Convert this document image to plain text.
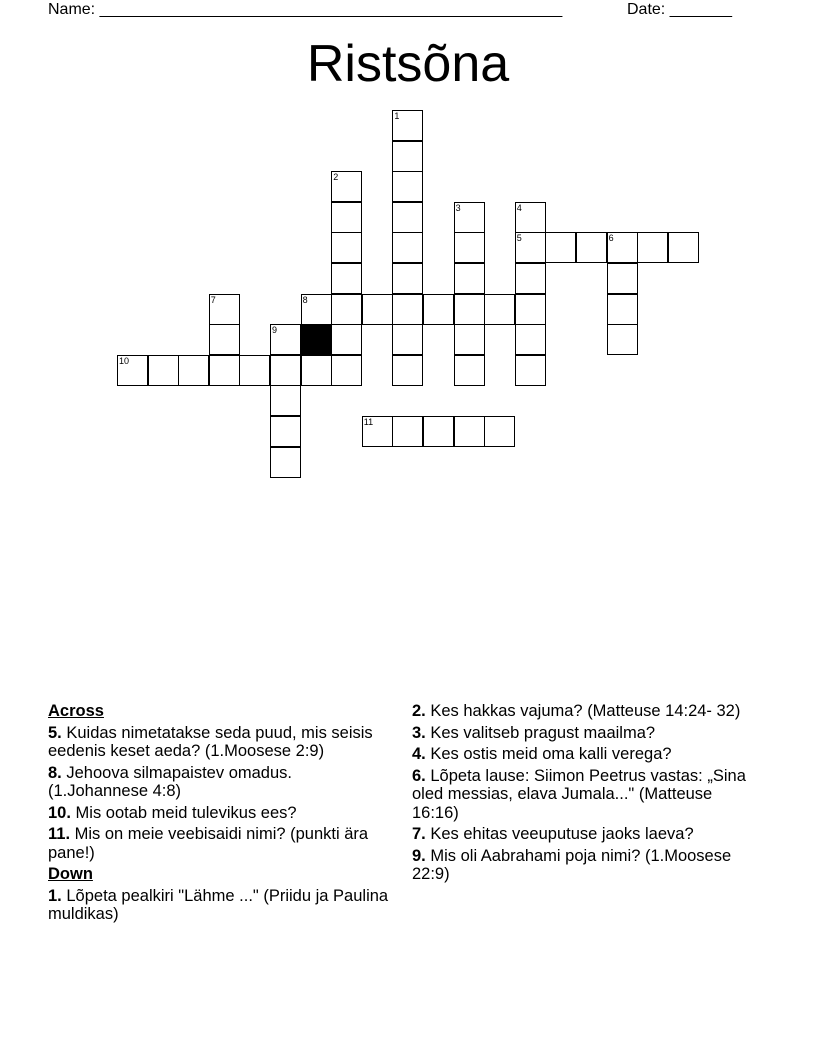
Name: ____________________________________________________	Date: _______
Ristsõna
1
2
3	4
5	6
7	8
9
10
11
Across
5. Kuidas nimetatakse seda puud, mis seisis eedenis keset aeda? (1.Moosese 2:9)
8. Jehoova silmapaistev omadus. (1.Johannese 4:8)
10. Mis ootab meid tulevikus ees?
11. Mis on meie veebisaidi nimi? (punkti ära pane!)
Down
1. Lõpeta pealkiri "Lähme ..." (Priidu ja Paulina muldikas)
2. Kes hakkas vajuma? (Matteuse 14:24- 32)
3. Kes valitseb pragust maailma?
4. Kes ostis meid oma kalli verega?
6. Lõpeta lause: Siimon Peetrus vastas: „Sina oled messias, elava Jumala..." (Matteuse 16:16)
7. Kes ehitas veeuputuse jaoks laeva?
9. Mis oli Aabrahami poja nimi? (1.Moosese 22:9)
